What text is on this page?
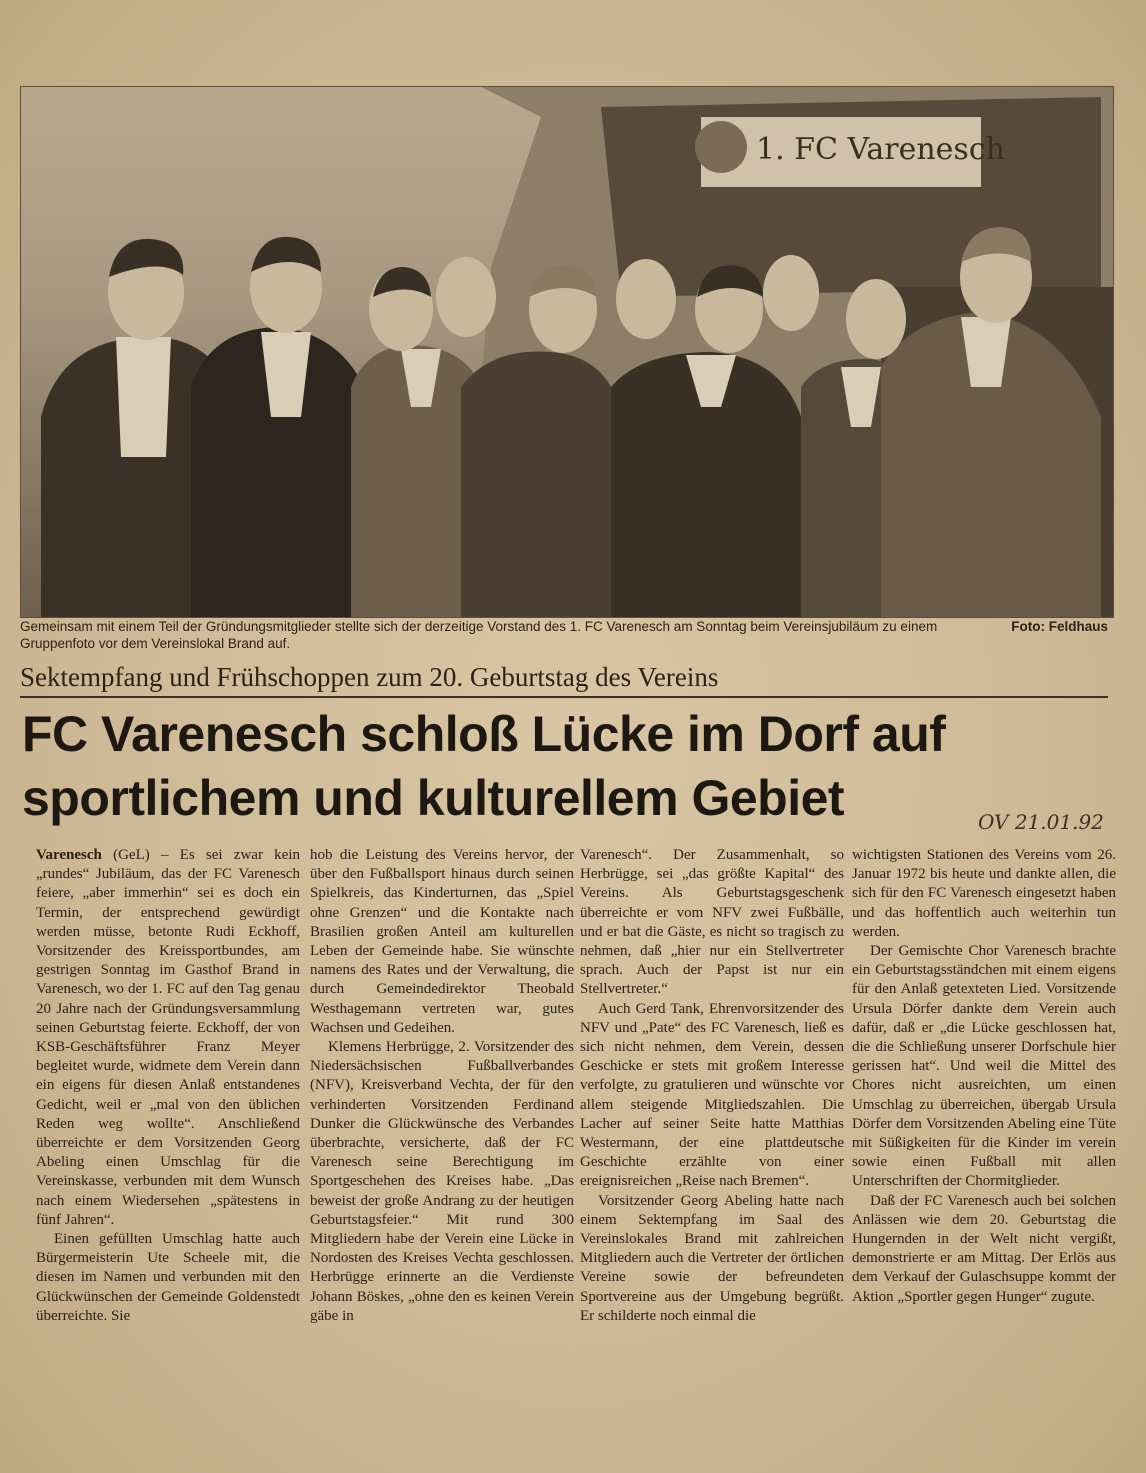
1. FC Varenesch
Foto: Feldhaus
Gemeinsam mit einem Teil der Gründungsmitglieder stellte sich der derzeitige Vorstand des 1. FC Varenesch am Sonntag beim Vereinsjubiläum zu einem Gruppenfoto vor dem Vereinslokal Brand auf.
Sektempfang und Frühschoppen zum 20. Geburtstag des Vereins
FC Varenesch schloß Lücke im Dorf auf
sportlichem und kulturellem Gebiet	OV 21.01.92

Varenesch (GeL) – Es sei zwar kein „rundes“ Jubiläum, das der FC Varenesch feiere, „aber immerhin“ sei es doch ein Termin, der entsprechend gewürdigt werden müsse, betonte Rudi Eckhoff, Vorsitzender des Kreissportbundes, am gestrigen Sonntag im Gasthof Brand in Varenesch, wo der 1. FC auf den Tag genau 20 Jahre nach der Gründungsversammlung seinen Geburtstag feierte. Eckhoff, der von KSB-Geschäftsführer Franz Meyer begleitet wurde, widmete dem Verein dann ein eigens für diesen Anlaß entstandenes Gedicht, weil er „mal von den üblichen Reden weg wollte“. Anschließend überreichte er dem Vorsitzenden Georg Abeling einen Umschlag für die Vereinskasse, verbunden mit dem Wunsch nach einem Wiedersehen „spätestens in fünf Jahren“.

Einen gefüllten Umschlag hatte auch Bürgermeisterin Ute Scheele mit, die diesen im Namen und verbunden mit den Glückwünschen der Gemeinde Goldenstedt überreichte. Sie

hob die Leistung des Vereins hervor, der über den Fußballsport hinaus durch seinen Spielkreis, das Kinderturnen, das „Spiel ohne Grenzen“ und die Kontakte nach Brasilien großen Anteil am kulturellen Leben der Gemeinde habe. Sie wünschte namens des Rates und der Verwaltung, die durch Gemeindedirektor Theobald Westhagemann vertreten war, gutes Wachsen und Gedeihen.

Klemens Herbrügge, 2. Vorsitzender des Niedersächsischen Fußballverbandes (NFV), Kreisverband Vechta, der für den verhinderten Vorsitzenden Ferdinand Dunker die Glückwünsche des Verbandes überbrachte, versicherte, daß der FC Varenesch seine Berechtigung im Sportgeschehen des Kreises habe. „Das beweist der große Andrang zu der heutigen Geburtstagsfeier.“ Mit rund 300 Mitgliedern habe der Verein eine Lücke in Nordosten des Kreises Vechta geschlossen. Herbrügge erinnerte an die Verdienste Johann Böskes, „ohne den es keinen Verein gäbe in

Varenesch“. Der Zusammenhalt, so Herbrügge, sei „das größte Kapital“ des Vereins. Als Geburtstagsgeschenk überreichte er vom NFV zwei Fußbälle, und er bat die Gäste, es nicht so tragisch zu nehmen, daß „hier nur ein Stellvertreter sprach. Auch der Papst ist nur ein Stellvertreter.“

Auch Gerd Tank, Ehrenvorsitzender des NFV und „Pate“ des FC Varenesch, ließ es sich nicht nehmen, dem Verein, dessen Geschicke er stets mit großem Interesse verfolgte, zu gratulieren und wünschte vor allem steigende Mitgliedszahlen. Die Lacher auf seiner Seite hatte Matthias Westermann, der eine plattdeutsche Geschichte erzählte von einer ereignisreichen „Reise nach Bremen“.

Vorsitzender Georg Abeling hatte nach einem Sektempfang im Saal des Vereinslokales Brand mit zahlreichen Mitgliedern auch die Vertreter der örtlichen Vereine sowie der befreundeten Sportvereine aus der Umgebung begrüßt. Er schilderte noch einmal die

wichtigsten Stationen des Vereins vom 26. Januar 1972 bis heute und dankte allen, die sich für den FC Varenesch eingesetzt haben und das hoffentlich auch weiterhin tun werden.

Der Gemischte Chor Varenesch brachte ein Geburtstagsständchen mit einem eigens für den Anlaß getexteten Lied. Vorsitzende Ursula Dörfer dankte dem Verein auch dafür, daß er „die Lücke geschlossen hat, die die Schließung unserer Dorfschule hier gerissen hat“. Und weil die Mittel des Chores nicht ausreichten, um einen Umschlag zu überreichen, übergab Ursula Dörfer dem Vorsitzenden Abeling eine Tüte mit Süßigkeiten für die Kinder im verein sowie einen Fußball mit allen Unterschriften der Chormitglieder.

Daß der FC Varenesch auch bei solchen Anlässen wie dem 20. Geburtstag die Hungernden in der Welt nicht vergißt, demonstrierte er am Mittag. Der Erlös aus dem Verkauf der Gulaschsuppe kommt der Aktion „Sportler gegen Hunger“ zugute.
